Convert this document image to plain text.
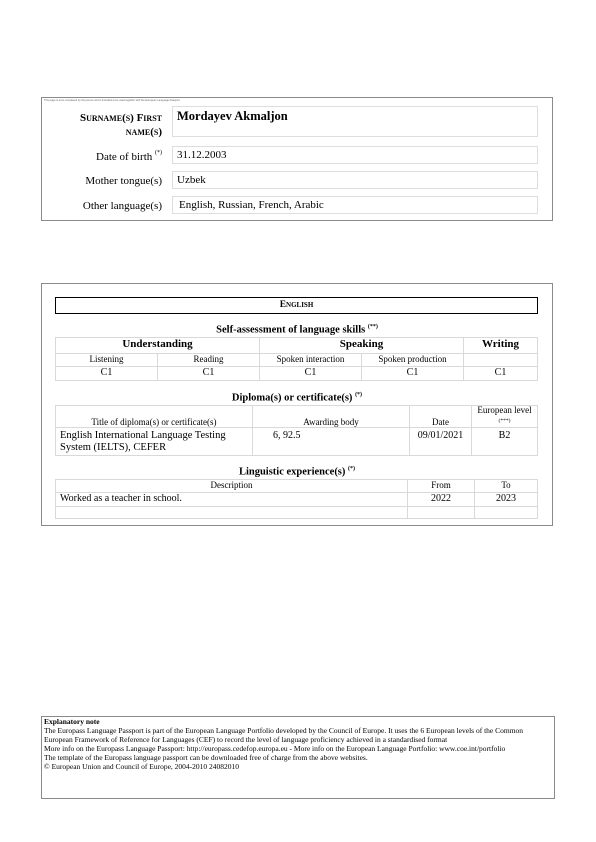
This page is to be completed by the person and is intended to be used together with the European Language Passport
Surname(s) First name(s)
Mordayev Akmaljon
Date of birth (*)	31.12.2003
Mother tongue(s)	Uzbek
Other language(s)	English, Russian, French, Arabic
English
Self-assessment of language skills (**)
Understanding		Speaking		Writing
Listening	Reading	Spoken interaction	Spoken production	
C1	C1	C1	C1	C1
Diploma(s) or certificate(s) (*)
Title of diploma(s) or certificate(s)	Awarding body	Date	European level
(***)
English International Language Testing System (IELTS), CEFER	6, 92.5	09/01/2021	B2
Linguistic experience(s) (*)
Description	From	To
Worked as a teacher in school.	2022	2023

Explanatory note
The Europass Language Passport is part of the European Language Portfolio developed by the Council of Europe. It uses the 6 European levels of the Common European Framework of Reference for Languages (CEF) to record the level of language proficiency achieved in a standardised format
More info on the Europass Language Passport: http://europass.cedefop.europa.eu - More info on the European Language Portfolio: www.coe.int/portfolio
The template of the Europass language passport can be downloaded free of charge from the above websites.
© European Union and Council of Europe, 2004-2010 24082010
